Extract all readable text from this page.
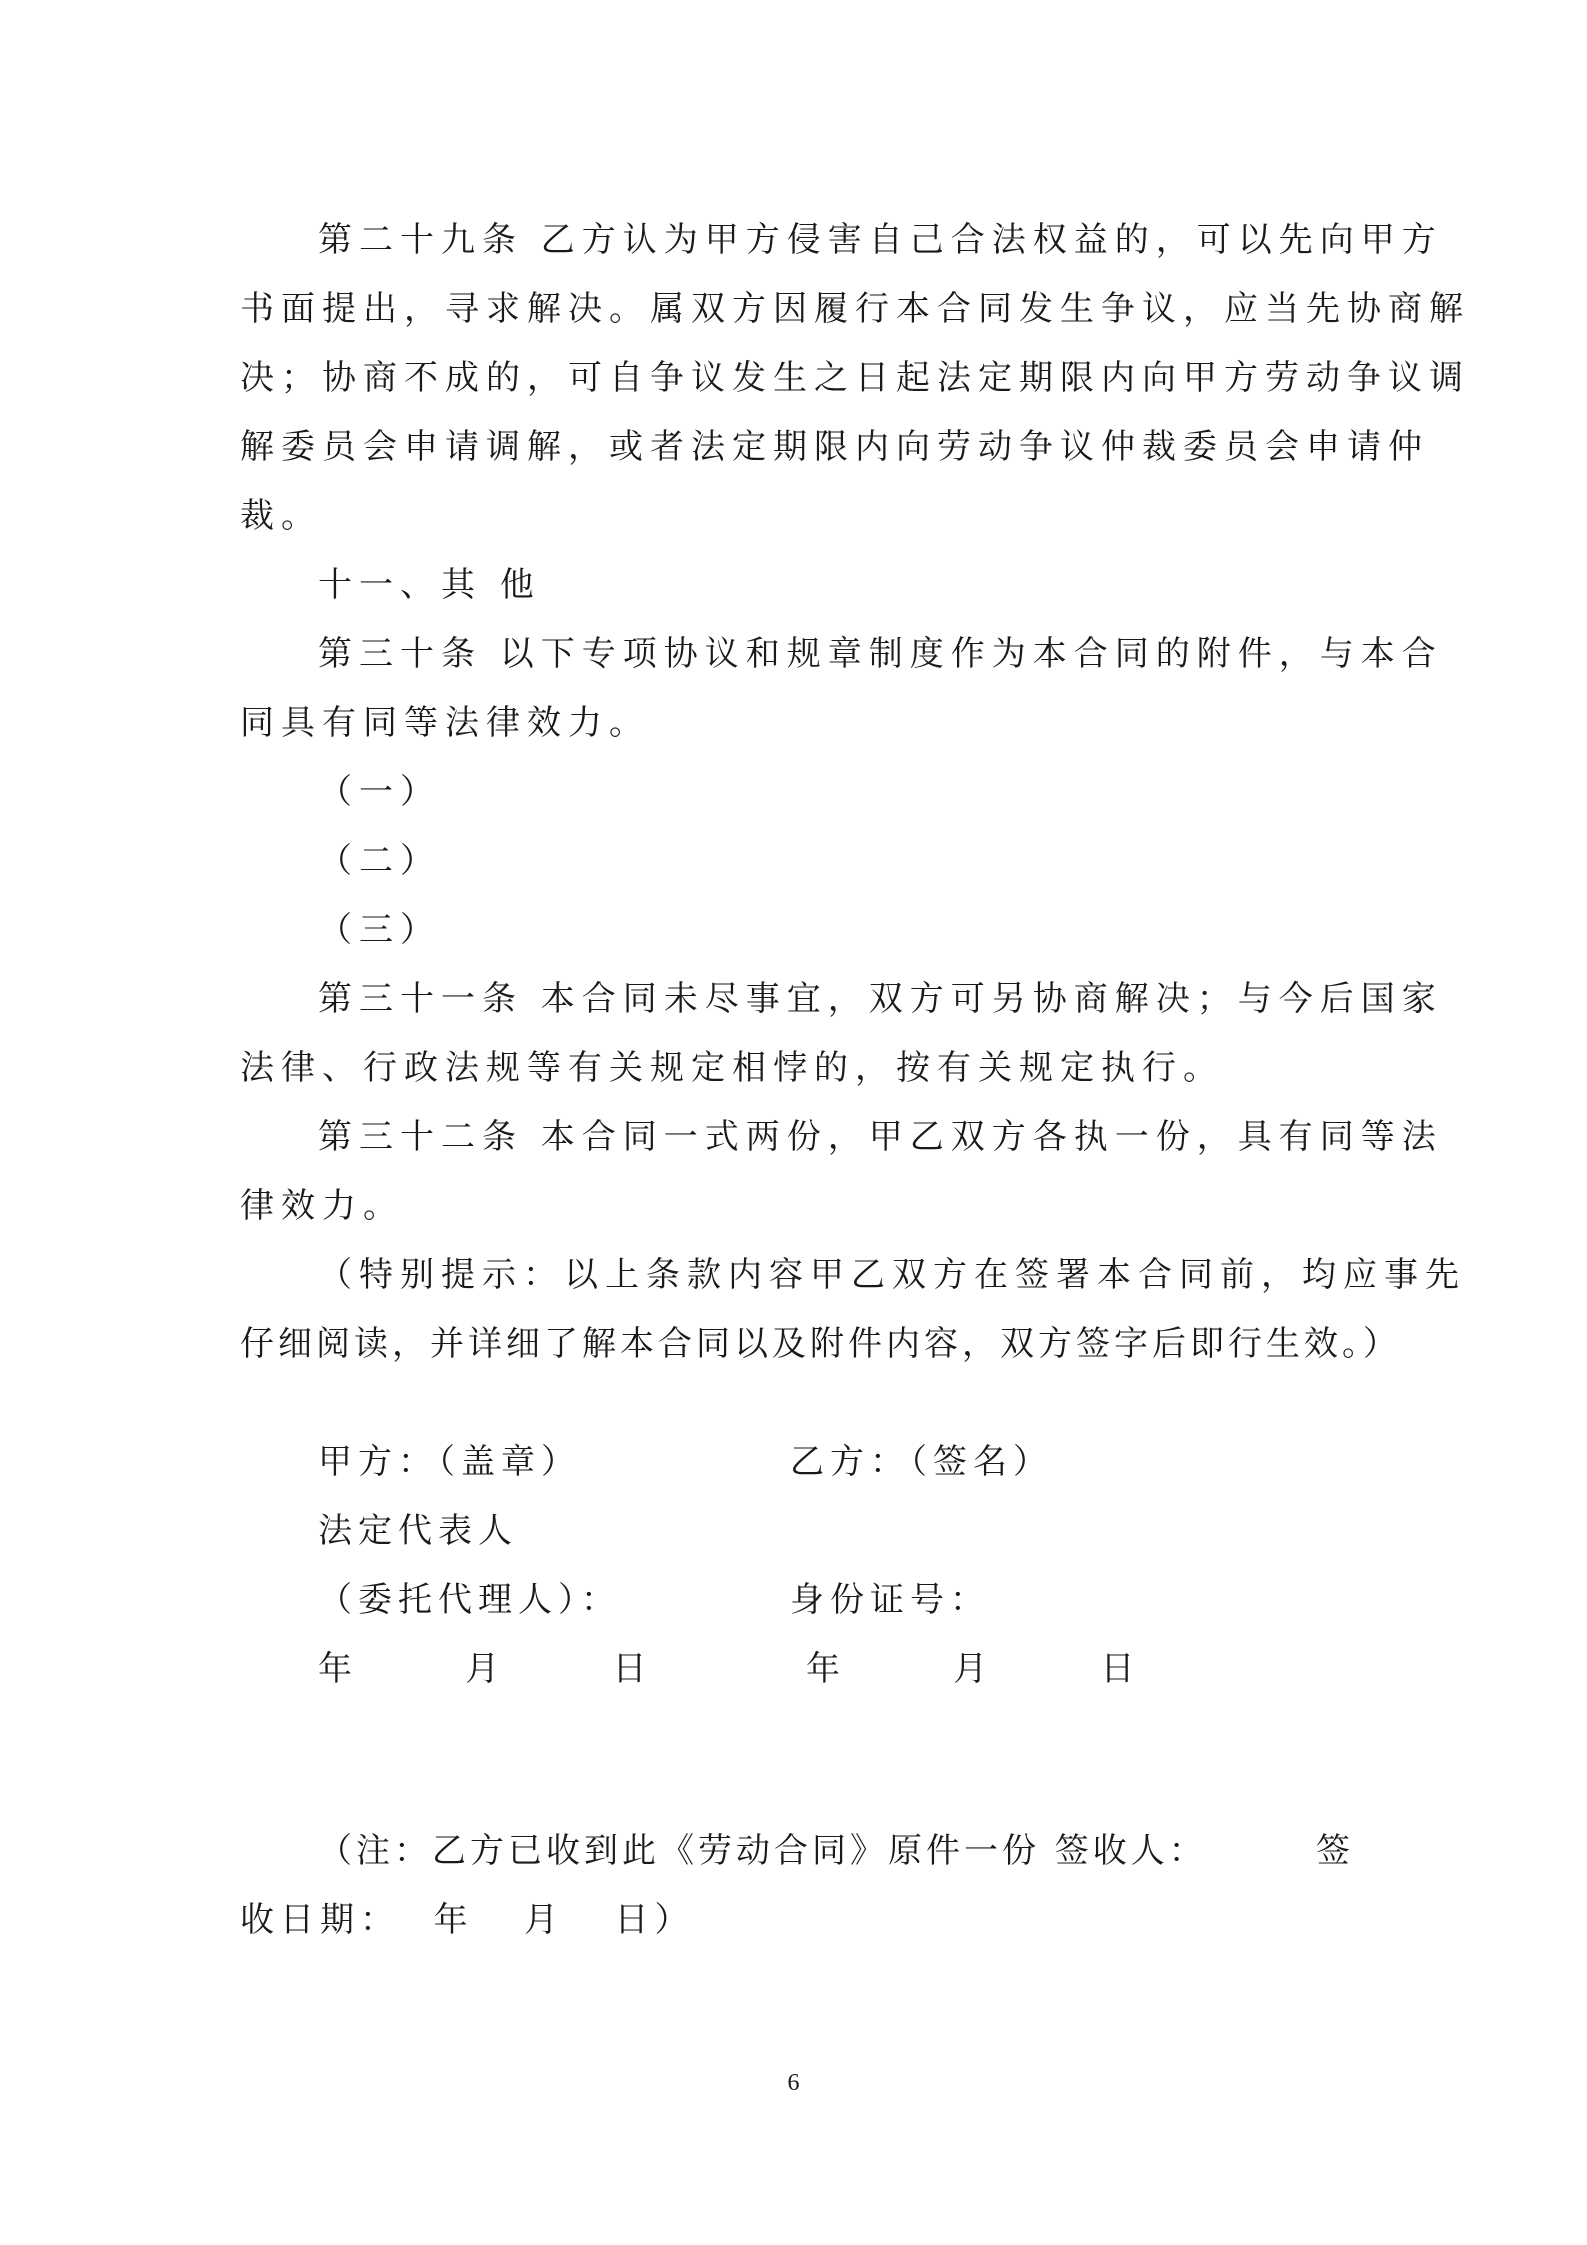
第二十九条 乙方认为甲方侵害自己合法权益的，可以先向甲方
书面提出，寻求解决。属双方因履行本合同发生争议，应当先协商解
决；协商不成的，可自争议发生之日起法定期限内向甲方劳动争议调
解委员会申请调解，或者法定期限内向劳动争议仲裁委员会申请仲
裁。
十一、其 他
第三十条 以下专项协议和规章制度作为本合同的附件，与本合
同具有同等法律效力。
（一）
（二）
（三）
第三十一条 本合同未尽事宜，双方可另协商解决；与今后国家
法律、行政法规等有关规定相悖的，按有关规定执行。
第三十二条 本合同一式两份，甲乙双方各执一份，具有同等法
律效力。
（特别提示：以上条款内容甲乙双方在签署本合同前，均应事先
仔细阅读，并详细了解本合同以及附件内容，双方签字后即行生效。）
甲方：（盖章）	乙方：（签名）
法定代表人
（委托代理人）：	身份证号：
年    月    日	年    月    日
（注：乙方已收到此《劳动合同》原件一份 签收人：	签
收日期：  年   月   日）
6
